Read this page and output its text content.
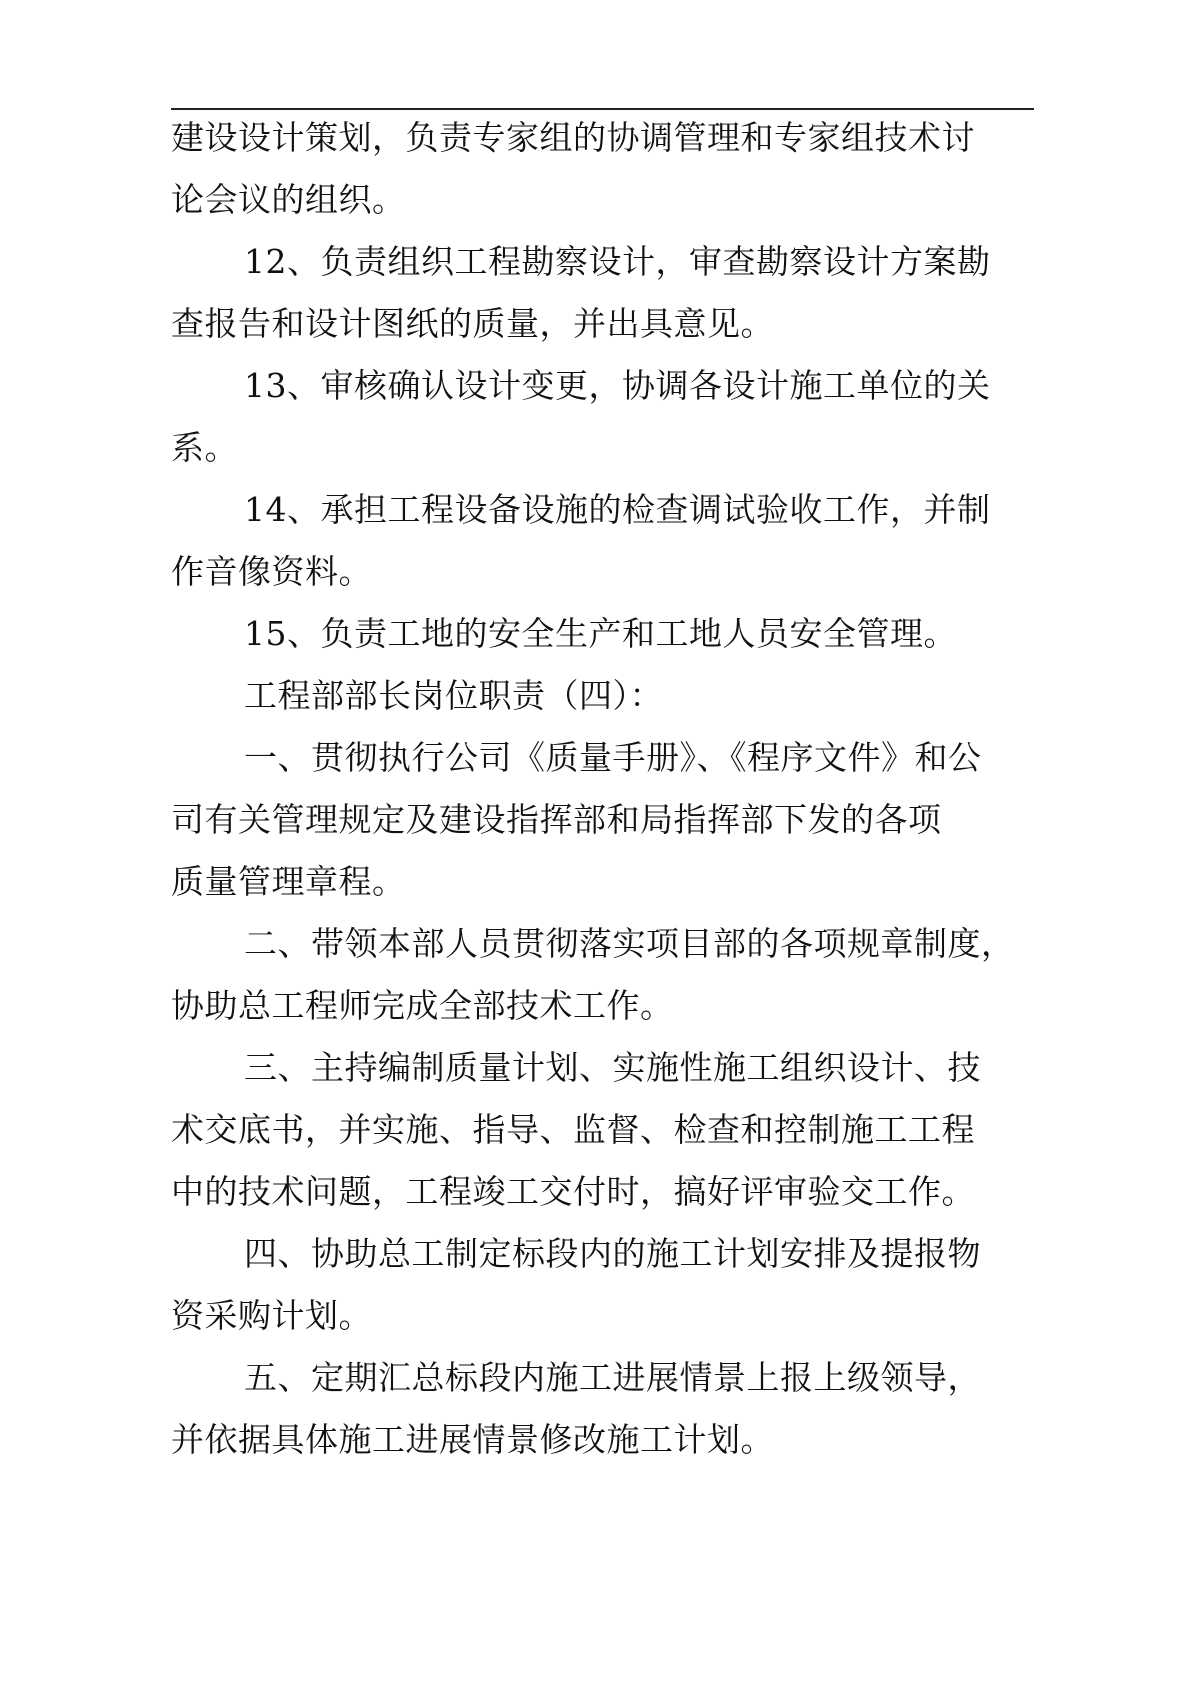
建设设计策划，负责专家组的协调管理和专家组技术讨
论会议的组织。
12、负责组织工程勘察设计，审查勘察设计方案勘
查报告和设计图纸的质量，并出具意见。
13、审核确认设计变更，协调各设计施工单位的关
系。
14、承担工程设备设施的检查调试验收工作，并制
作音像资料。
15、负责工地的安全生产和工地人员安全管理。
工程部部长岗位职责（四）：
一、贯彻执行公司《质量手册》、《程序文件》和公
司有关管理规定及建设指挥部和局指挥部下发的各项
质量管理章程。
二、带领本部人员贯彻落实项目部的各项规章制度，
协助总工程师完成全部技术工作。
三、主持编制质量计划、实施性施工组织设计、技
术交底书，并实施、指导、监督、检查和控制施工工程
中的技术问题，工程竣工交付时，搞好评审验交工作。
四、协助总工制定标段内的施工计划安排及提报物
资采购计划。
五、定期汇总标段内施工进展情景上报上级领导，
并依据具体施工进展情景修改施工计划。
